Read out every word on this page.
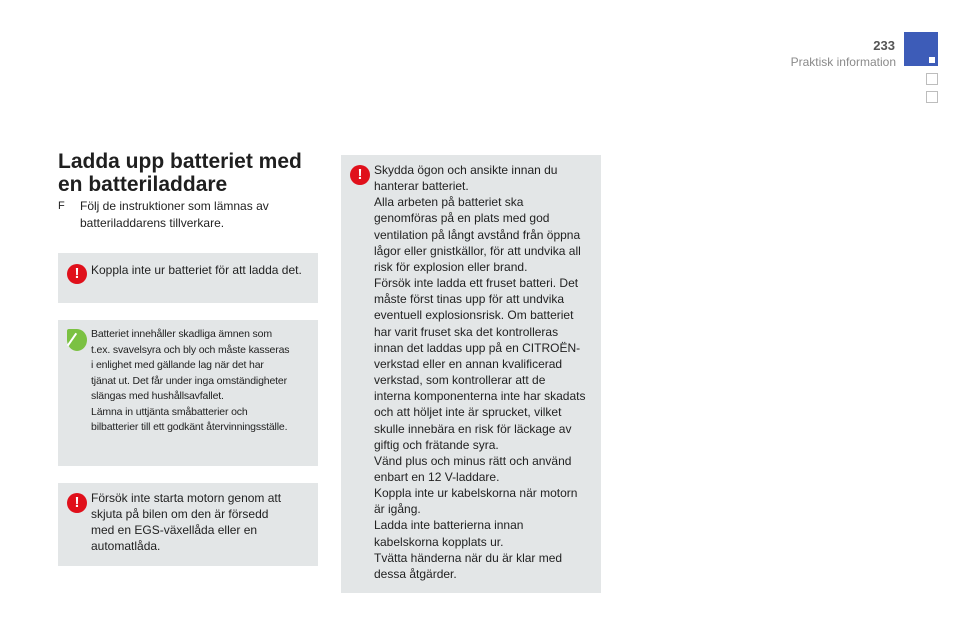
233
Praktisk information
Ladda upp batteriet med en batteriladdare
F	Följ de instruktioner som lämnas av batteriladdarens tillverkare.
! Koppla inte ur batteriet för att ladda det.
Batteriet innehåller skadliga ämnen som
t.ex. svavelsyra och bly och måste kasseras
i enlighet med gällande lag när det har
tjänat ut. Det får under inga omständigheter
slängas med hushållsavfallet.
Lämna in uttjänta småbatterier och
bilbatterier till ett godkänt återvinningsställe.
! Försök inte starta motorn genom att
skjuta på bilen om den är försedd
med en EGS-växellåda eller en
automatlåda.
! Skydda ögon och ansikte innan du
hanterar batteriet.
Alla arbeten på batteriet ska
genomföras på en plats med god
ventilation på långt avstånd från öppna
lågor eller gnistkällor, för att undvika all
risk för explosion eller brand.
Försök inte ladda ett fruset batteri. Det
måste först tinas upp för att undvika
eventuell explosionsrisk. Om batteriet
har varit fruset ska det kontrolleras
innan det laddas upp på en CITROËN-
verkstad eller en annan kvalificerad
verkstad, som kontrollerar att de
interna komponenterna inte har skadats
och att höljet inte är sprucket, vilket
skulle innebära en risk för läckage av
giftig och frätande syra.
Vänd plus och minus rätt och använd
enbart en 12 V-laddare.
Koppla inte ur kabelskorna när motorn
är igång.
Ladda inte batterierna innan
kabelskorna kopplats ur.
Tvätta händerna när du är klar med
dessa åtgärder.
